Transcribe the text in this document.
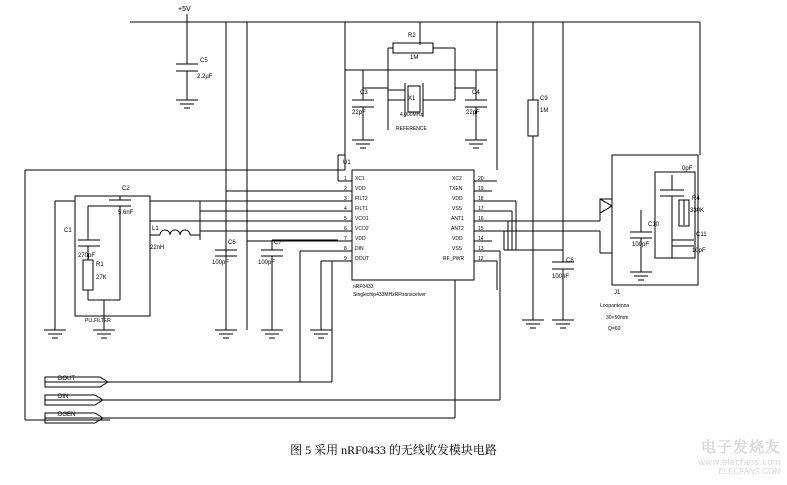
+5V
C5
2.2µF
R2
1M
C3
22pF
X1
4.000MHz
C4
22pF
REFERENCE
C9
1M
U1
nRF0433
Singlechip433MHzRFtransceiver
1 XC1
2 VDD
3 FILT2
4 FILT1
5 VCO1
6 VCO2
7 VDD
8 DIN
9 DOUT
20
XC2
19
TXEN
18
VDD
17
VSS
16
ANT1
15
ANT2
14
VDD
13
VSS
12
RF_PWR
C2
5.6nF
C1
270pF
R1
27K
PLLFILTER
L1
22nH
C6
100pF
C7
100pF	C8
100pF
C10
100pF
C11
10pF
R4
330K
0pF
J1
Loopantenna
30×50mm
Q=60
DOUT
DIN
DGEN
图 5 采用 nRF0433 的无线收发模块电路	电子发烧友
www.elecfans.com
ELECFANS.COM
